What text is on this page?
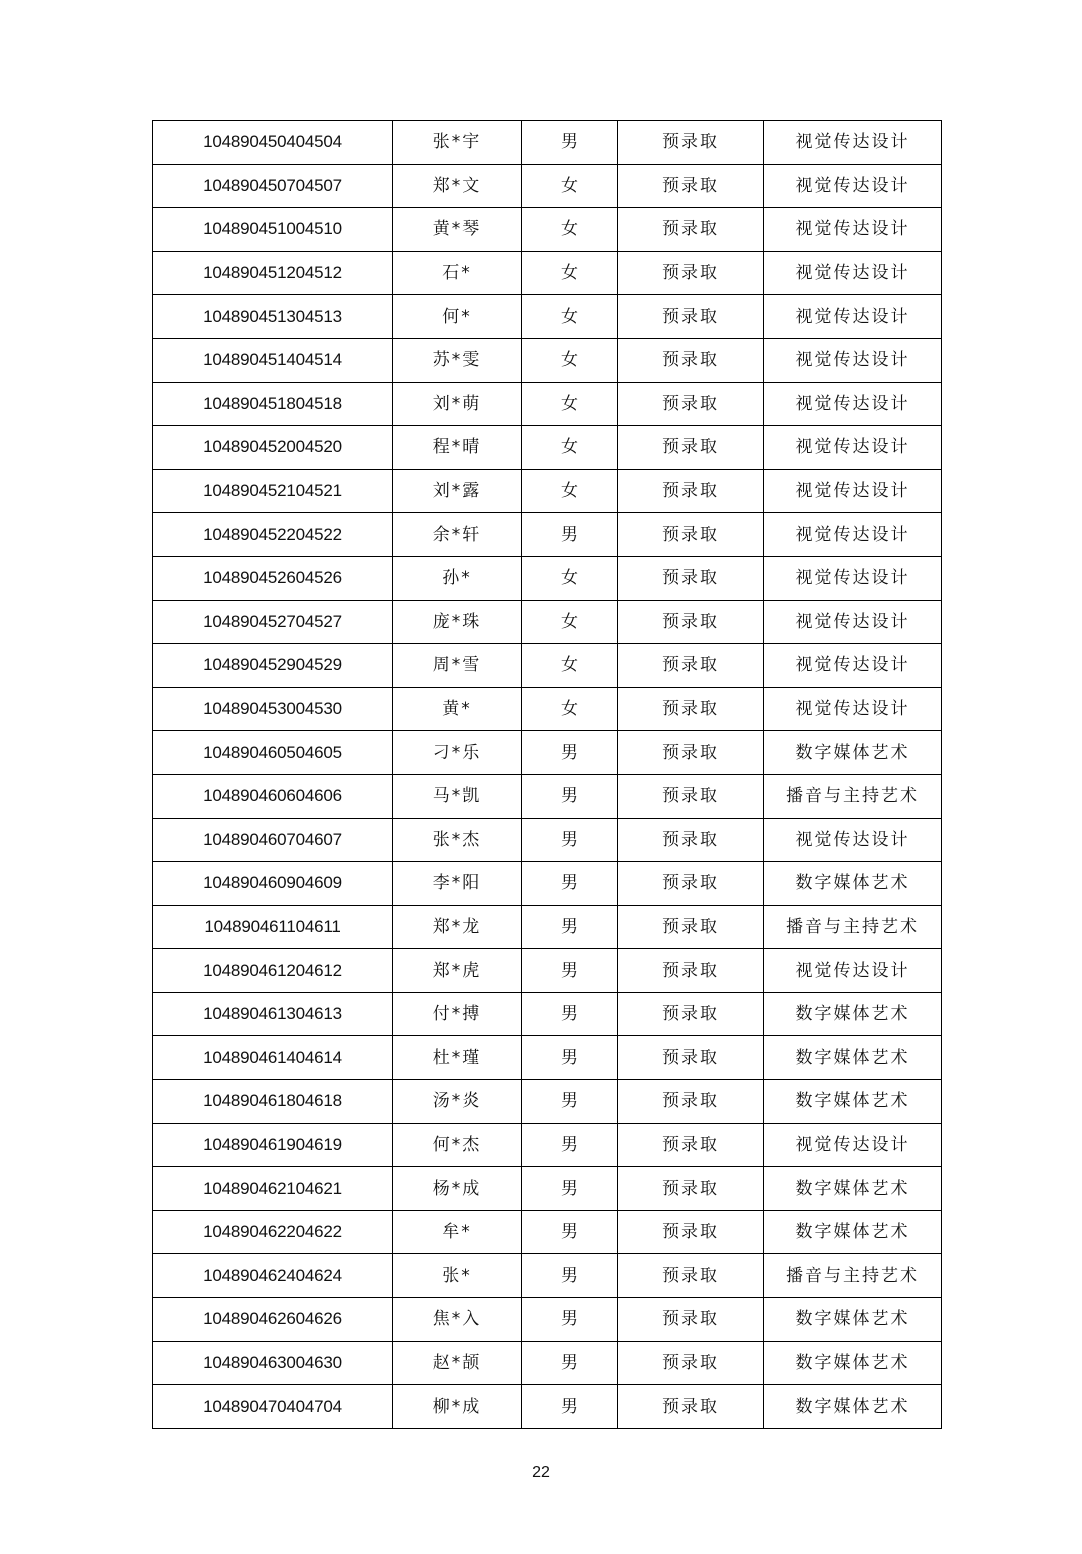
104890450404504	张*宇	男	预录取	视觉传达设计
104890450704507	郑*文	女	预录取	视觉传达设计
104890451004510	黄*琴	女	预录取	视觉传达设计
104890451204512	石*	女	预录取	视觉传达设计
104890451304513	何*	女	预录取	视觉传达设计
104890451404514	苏*雯	女	预录取	视觉传达设计
104890451804518	刘*萌	女	预录取	视觉传达设计
104890452004520	程*晴	女	预录取	视觉传达设计
104890452104521	刘*露	女	预录取	视觉传达设计
104890452204522	余*轩	男	预录取	视觉传达设计
104890452604526	孙*	女	预录取	视觉传达设计
104890452704527	庞*珠	女	预录取	视觉传达设计
104890452904529	周*雪	女	预录取	视觉传达设计
104890453004530	黄*	女	预录取	视觉传达设计
104890460504605	刁*乐	男	预录取	数字媒体艺术
104890460604606	马*凯	男	预录取	播音与主持艺术
104890460704607	张*杰	男	预录取	视觉传达设计
104890460904609	李*阳	男	预录取	数字媒体艺术
104890461104611	郑*龙	男	预录取	播音与主持艺术
104890461204612	郑*虎	男	预录取	视觉传达设计
104890461304613	付*搏	男	预录取	数字媒体艺术
104890461404614	杜*瑾	男	预录取	数字媒体艺术
104890461804618	汤*炎	男	预录取	数字媒体艺术
104890461904619	何*杰	男	预录取	视觉传达设计
104890462104621	杨*成	男	预录取	数字媒体艺术
104890462204622	牟*	男	预录取	数字媒体艺术
104890462404624	张*	男	预录取	播音与主持艺术
104890462604626	焦*入	男	预录取	数字媒体艺术
104890463004630	赵*颉	男	预录取	数字媒体艺术
104890470404704	柳*成	男	预录取	数字媒体艺术
22
